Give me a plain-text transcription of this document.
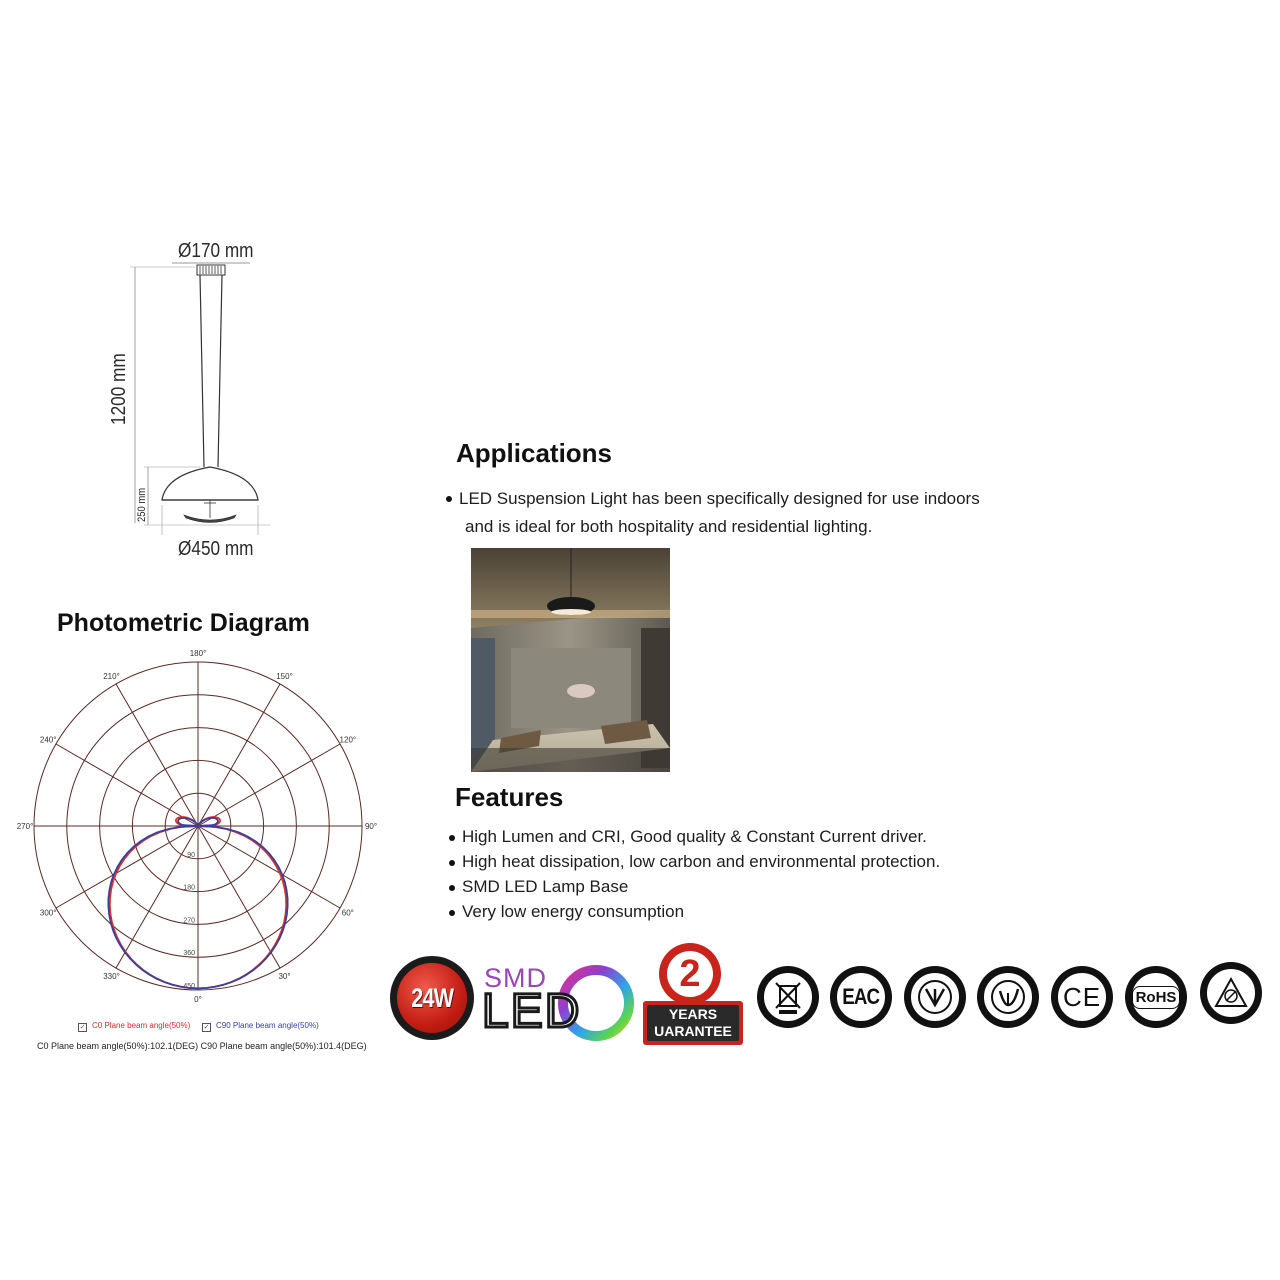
Ø170 mm
1200 mm
250 mm
Ø450 mm
Photometric Diagram
180°
150°
120°
90°
60°
30°
0°
330°
300°
270°
240°
210°
90
180
270
360
450
✓ C0 Plane beam angle(50%) ✓ C90 Plane beam angle(50%)
C0 Plane beam angle(50%):102.1(DEG) C90 Plane beam angle(50%):101.4(DEG)
Applications
LED Suspension Light has been specifically designed for use indoors
and is ideal for both hospitality and residential lighting.
Features
High Lumen and CRI, Good quality & Constant Current driver.
High heat dissipation, low carbon and environmental protection.
SMD LED Lamp Base
Very low energy consumption
24W
SMD
LED
2
YEARS
UARANTEE
EAC	CE RoHS
